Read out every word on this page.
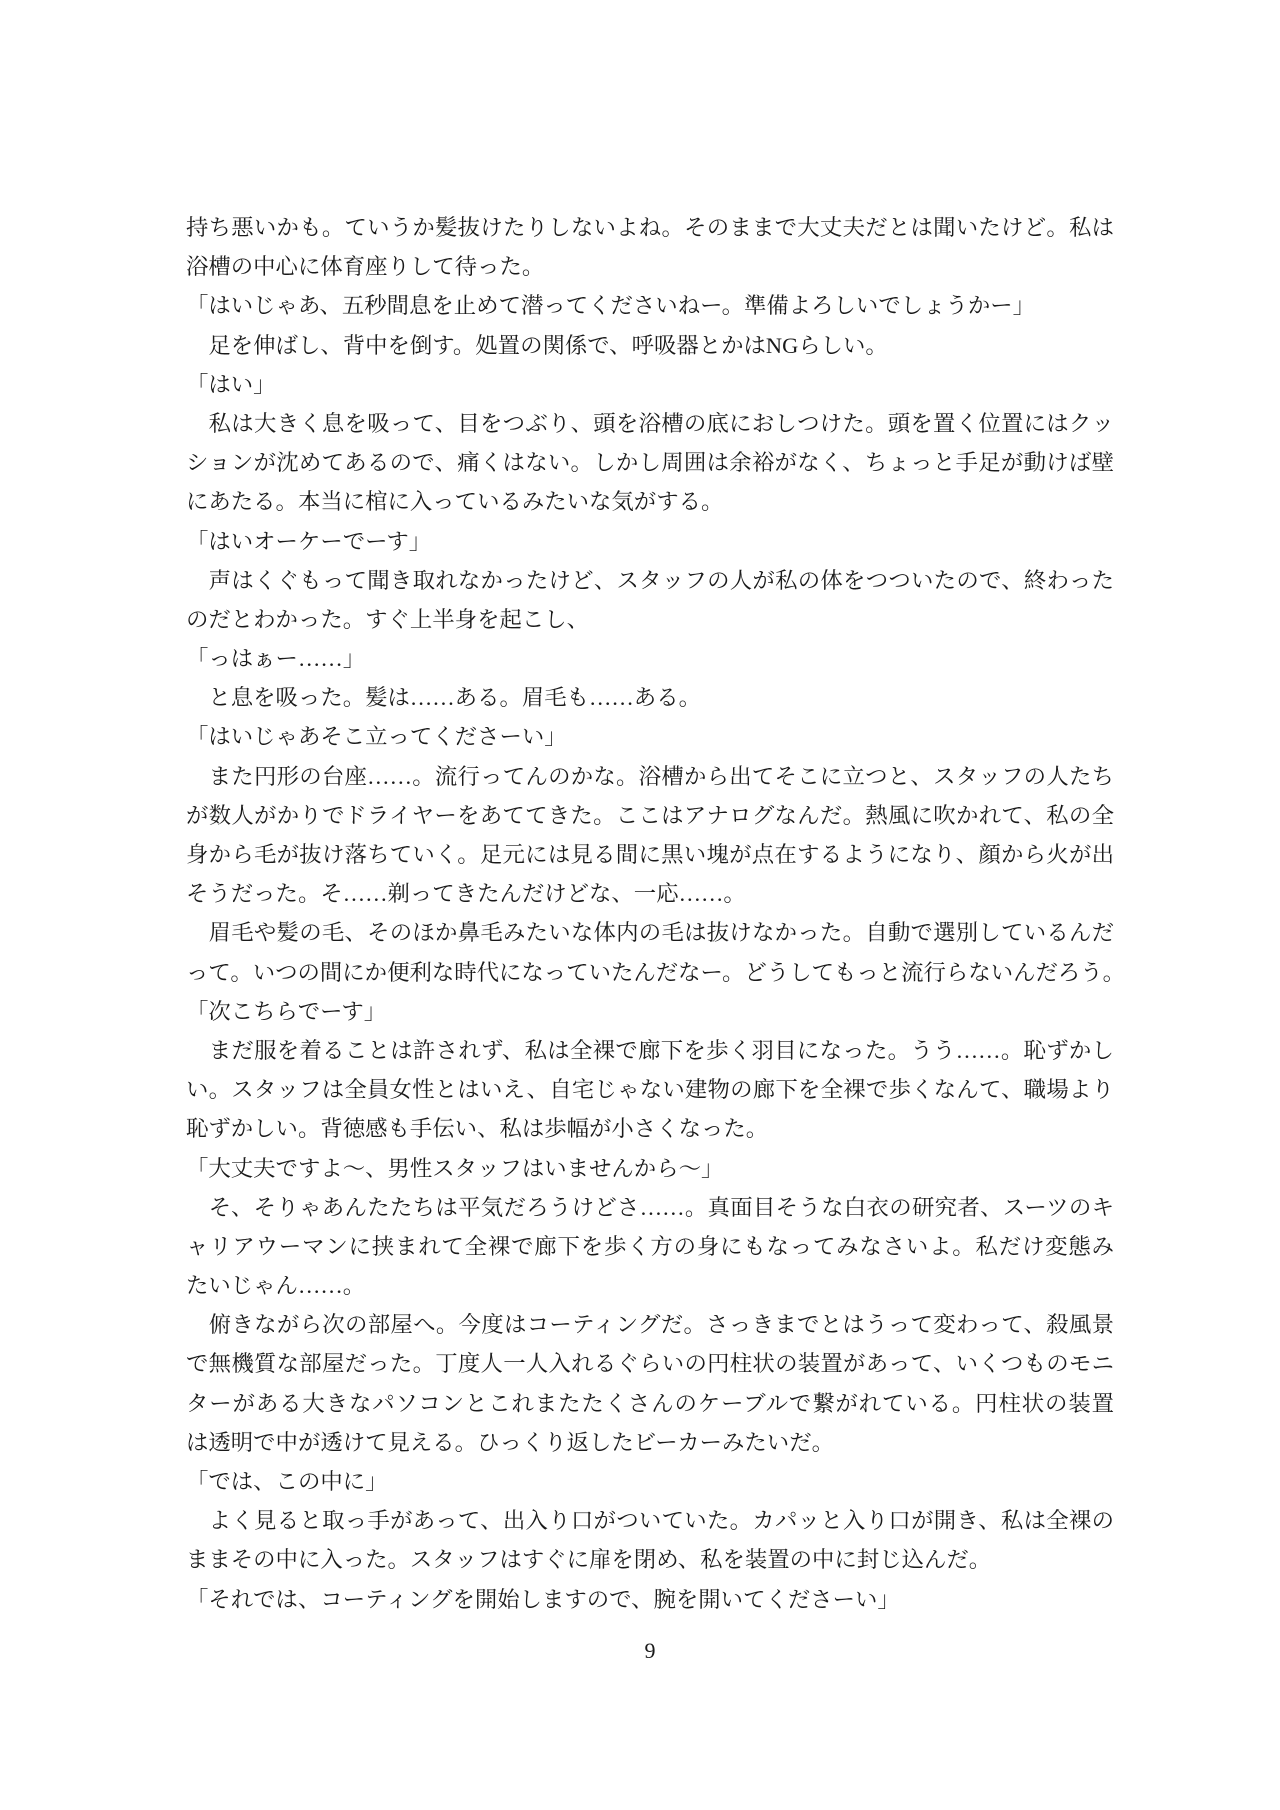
持ち悪いかも。ていうか髪抜けたりしないよね。そのままで大丈夫だとは聞いたけど。私は
浴槽の中心に体育座りして待った。
「はいじゃあ、五秒間息を止めて潜ってくださいねー。準備よろしいでしょうかー」
　足を伸ばし、背中を倒す。処置の関係で、呼吸器とかはNGらしい。
「はい」
　私は大きく息を吸って、目をつぶり、頭を浴槽の底におしつけた。頭を置く位置にはクッ
ションが沈めてあるので、痛くはない。しかし周囲は余裕がなく、ちょっと手足が動けば壁
にあたる。本当に棺に入っているみたいな気がする。
「はいオーケーでーす」
　声はくぐもって聞き取れなかったけど、スタッフの人が私の体をつついたので、終わった
のだとわかった。すぐ上半身を起こし、
「っはぁー……」
　と息を吸った。髪は……ある。眉毛も……ある。
「はいじゃあそこ立ってくださーい」
　また円形の台座……。流行ってんのかな。浴槽から出てそこに立つと、スタッフの人たち
が数人がかりでドライヤーをあててきた。ここはアナログなんだ。熱風に吹かれて、私の全
身から毛が抜け落ちていく。足元には見る間に黒い塊が点在するようになり、顔から火が出
そうだった。そ……剃ってきたんだけどな、一応……。
　眉毛や髪の毛、そのほか鼻毛みたいな体内の毛は抜けなかった。自動で選別しているんだ
って。いつの間にか便利な時代になっていたんだなー。どうしてもっと流行らないんだろう。
「次こちらでーす」
　まだ服を着ることは許されず、私は全裸で廊下を歩く羽目になった。うう……。恥ずかし
い。スタッフは全員女性とはいえ、自宅じゃない建物の廊下を全裸で歩くなんて、職場より
恥ずかしい。背徳感も手伝い、私は歩幅が小さくなった。
「大丈夫ですよ～、男性スタッフはいませんから～」
　そ、そりゃあんたたちは平気だろうけどさ……。真面目そうな白衣の研究者、スーツのキ
ャリアウーマンに挟まれて全裸で廊下を歩く方の身にもなってみなさいよ。私だけ変態み
たいじゃん……。
　俯きながら次の部屋へ。今度はコーティングだ。さっきまでとはうって変わって、殺風景
で無機質な部屋だった。丁度人一人入れるぐらいの円柱状の装置があって、いくつものモニ
ターがある大きなパソコンとこれまたたくさんのケーブルで繋がれている。円柱状の装置
は透明で中が透けて見える。ひっくり返したビーカーみたいだ。
「では、この中に」
　よく見ると取っ手があって、出入り口がついていた。カパッと入り口が開き、私は全裸の
ままその中に入った。スタッフはすぐに扉を閉め、私を装置の中に封じ込んだ。
「それでは、コーティングを開始しますので、腕を開いてくださーい」
9
